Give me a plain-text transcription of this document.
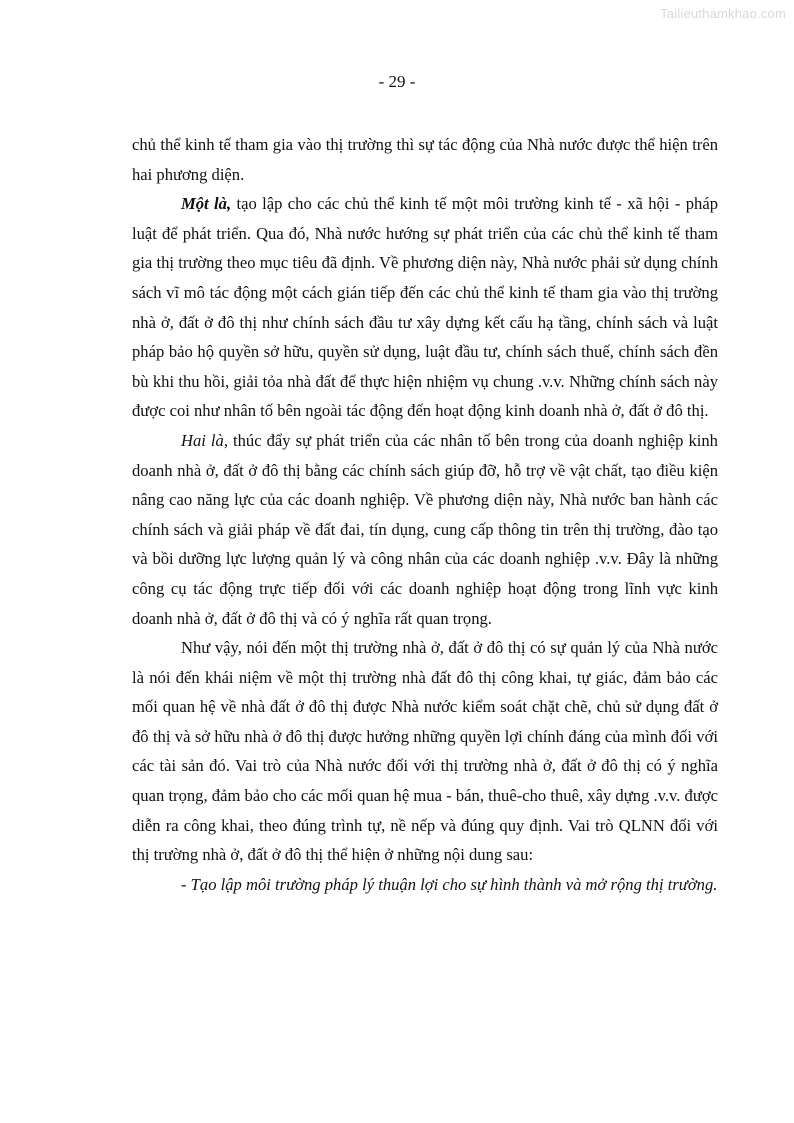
Tailieuthamkhao.com
- 29 -

chủ thể kinh tế tham gia vào thị trường thì sự tác động của Nhà nước được thể hiện trên hai phương diện.

Một là, tạo lập cho các chủ thể kinh tế một môi trường kinh tế - xã hội - pháp luật để phát triển. Qua đó, Nhà nước hướng sự phát triển của các chủ thể kinh tế tham gia thị trường theo mục tiêu đã định. Về phương diện này, Nhà nước phải sử dụng chính sách vĩ mô tác động một cách gián tiếp đến các chủ thể kinh tế tham gia vào thị trường nhà ở, đất ở đô thị như chính sách đầu tư xây dựng kết cấu hạ tầng, chính sách và luật pháp bảo hộ quyền sở hữu, quyền sử dụng, luật đầu tư, chính sách thuế, chính sách đền bù khi thu hồi, giải tỏa nhà đất để thực hiện nhiệm vụ chung .v.v. Những chính sách này được coi như nhân tố bên ngoài tác động đến hoạt động kinh doanh nhà ở, đất ở đô thị.

Hai là, thúc đẩy sự phát triển của các nhân tố bên trong của doanh nghiệp kinh doanh nhà ở, đất ở đô thị bằng các chính sách giúp đỡ, hỗ trợ về vật chất, tạo điều kiện nâng cao năng lực của các doanh nghiệp. Về phương diện này, Nhà nước ban hành các chính sách và giải pháp về đất đai, tín dụng, cung cấp thông tin trên thị trường, đào tạo và bồi dưỡng lực lượng quản lý và công nhân của các doanh nghiệp .v.v. Đây là những công cụ tác động trực tiếp đối với các doanh nghiệp hoạt động trong lĩnh vực kinh doanh nhà ở, đất ở đô thị và có ý nghĩa rất quan trọng.

Như vậy, nói đến một thị trường nhà ở, đất ở đô thị có sự quản lý của Nhà nước là nói đến khái niệm về một thị trường nhà đất đô thị công khai, tự giác, đảm bảo các mối quan hệ về nhà đất ở đô thị được Nhà nước kiểm soát chặt chẽ, chủ sử dụng đất ở đô thị và sở hữu nhà ở đô thị được hưởng những quyền lợi chính đáng của mình đối với các tài sản đó. Vai trò của Nhà nước đối với thị trường nhà ở, đất ở đô thị có ý nghĩa quan trọng, đảm bảo cho các mối quan hệ mua - bán, thuê-cho thuê, xây dựng .v.v. được diễn ra công khai, theo đúng trình tự, nề nếp và đúng quy định. Vai trò QLNN đối với thị trường nhà ở, đất ở đô thị thể hiện ở những nội dung sau:

- Tạo lập môi trường pháp lý thuận lợi cho sự hình thành và mở rộng thị trường.
